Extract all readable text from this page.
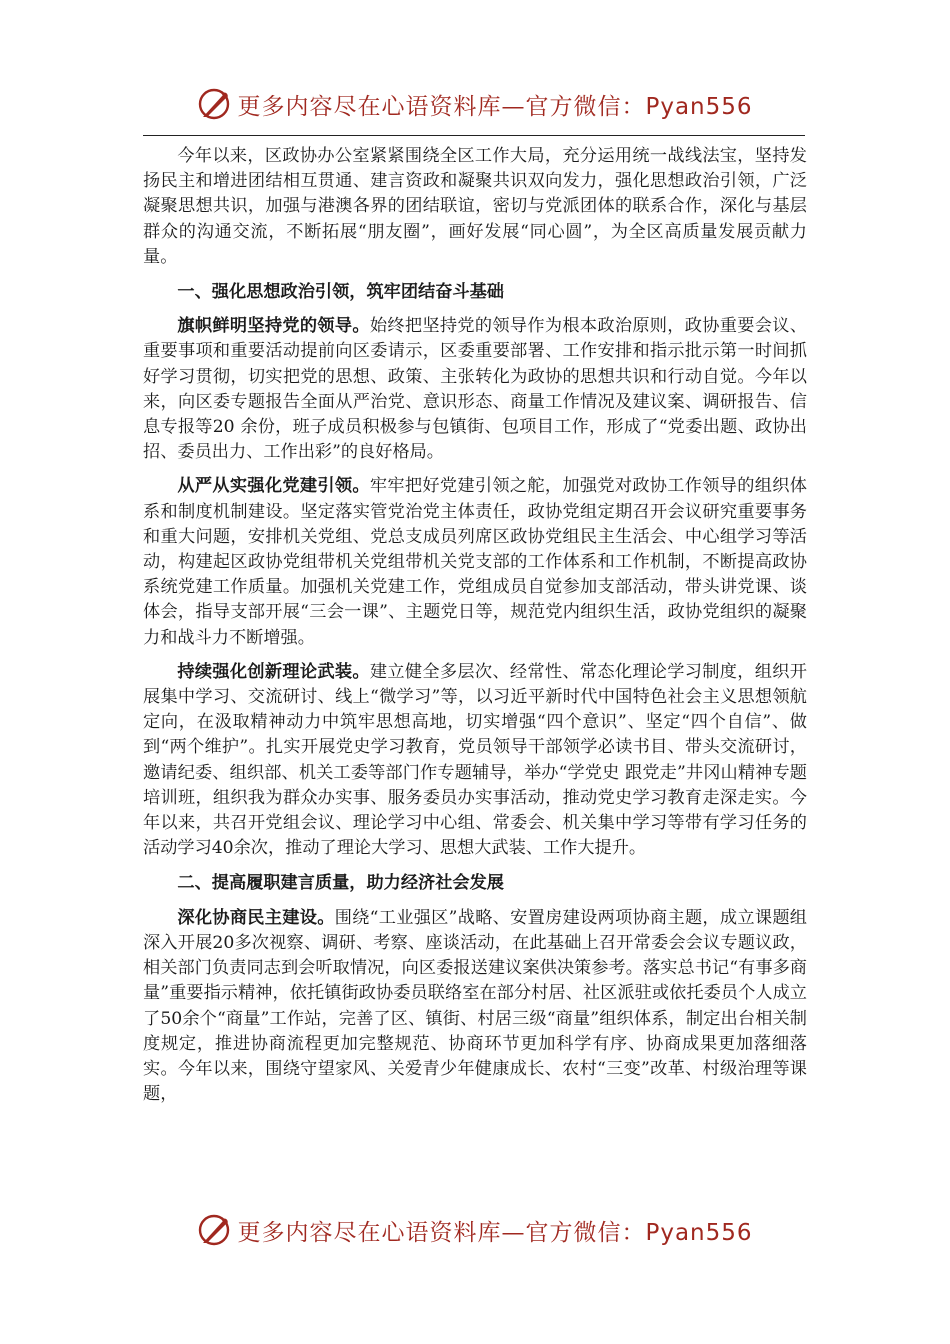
更多内容尽在心语资料库—官方微信：Pyan556

今年以来，区政协办公室紧紧围绕全区工作大局，充分运用统一战线法宝，坚持发扬民主和增进团结相互贯通、建言资政和凝聚共识双向发力，强化思想政治引领，广泛凝聚思想共识，加强与港澳各界的团结联谊，密切与党派团体的联系合作，深化与基层群众的沟通交流，不断拓展“朋友圈”，画好发展“同心圆”，为全区高质量发展贡献力量。

一、强化思想政治引领，筑牢团结奋斗基础

旗帜鲜明坚持党的领导。始终把坚持党的领导作为根本政治原则，政协重要会议、重要事项和重要活动提前向区委请示，区委重要部署、工作安排和指示批示第一时间抓好学习贯彻，切实把党的思想、政策、主张转化为政协的思想共识和行动自觉。今年以来，向区委专题报告全面从严治党、意识形态、商量工作情况及建议案、调研报告、信息专报等20 余份，班子成员积极参与包镇街、包项目工作，形成了“党委出题、政协出招、委员出力、工作出彩”的良好格局。

从严从实强化党建引领。牢牢把好党建引领之舵，加强党对政协工作领导的组织体系和制度机制建设。坚定落实管党治党主体责任，政协党组定期召开会议研究重要事务和重大问题，安排机关党组、党总支成员列席区政协党组民主生活会、中心组学习等活动，构建起区政协党组带机关党组带机关党支部的工作体系和工作机制，不断提高政协系统党建工作质量。加强机关党建工作，党组成员自觉参加支部活动，带头讲党课、谈体会，指导支部开展“三会一课”、主题党日等，规范党内组织生活，政协党组织的凝聚力和战斗力不断增强。

持续强化创新理论武装。建立健全多层次、经常性、常态化理论学习制度，组织开展集中学习、交流研讨、线上“微学习”等，以习近平新时代中国特色社会主义思想领航定向，在汲取精神动力中筑牢思想高地，切实增强“四个意识”、坚定“四个自信”、做到“两个维护”。扎实开展党史学习教育，党员领导干部领学必读书目、带头交流研讨，邀请纪委、组织部、机关工委等部门作专题辅导，举办“学党史 跟党走”井冈山精神专题培训班，组织我为群众办实事、服务委员办实事活动，推动党史学习教育走深走实。今年以来，共召开党组会议、理论学习中心组、常委会、机关集中学习等带有学习任务的活动学习40余次，推动了理论大学习、思想大武装、工作大提升。

二、提高履职建言质量，助力经济社会发展

深化协商民主建设。围绕“工业强区”战略、安置房建设两项协商主题，成立课题组深入开展20多次视察、调研、考察、座谈活动，在此基础上召开常委会会议专题议政，相关部门负责同志到会听取情况，向区委报送建议案供决策参考。落实总书记“有事多商量”重要指示精神，依托镇街政协委员联络室在部分村居、社区派驻或依托委员个人成立了50余个“商量”工作站，完善了区、镇街、村居三级“商量”组织体系，制定出台相关制度规定，推进协商流程更加完整规范、协商环节更加科学有序、协商成果更加落细落实。今年以来，围绕守望家风、关爱青少年健康成长、农村“三变”改革、村级治理等课题，

更多内容尽在心语资料库—官方微信：Pyan556
